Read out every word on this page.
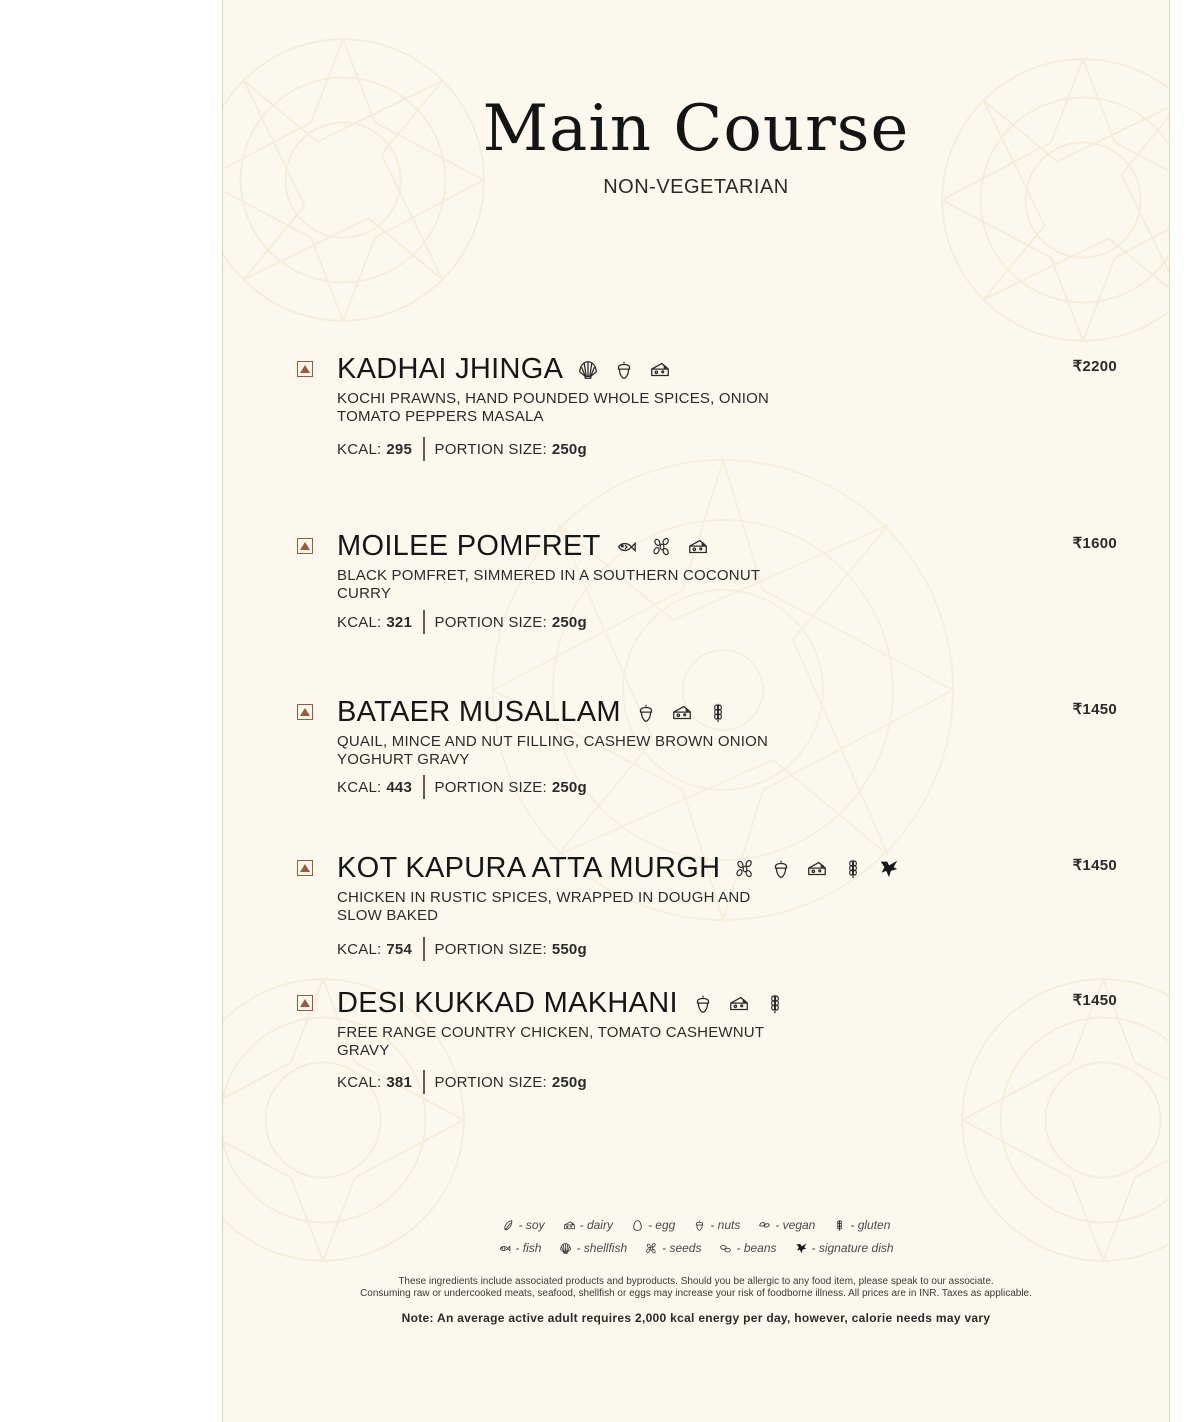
Main Course
NON-VEGETARIAN
KADHAI JHINGA
KOCHI PRAWNS, HAND POUNDED WHOLE SPICES, ONION TOMATO PEPPERS MASALA
KCAL: 295 PORTION SIZE: 250g
₹2200
MOILEE POMFRET
BLACK POMFRET, SIMMERED IN A SOUTHERN COCONUT CURRY
KCAL: 321 PORTION SIZE: 250g
₹1600
BATAER MUSALLAM
QUAIL, MINCE AND NUT FILLING, CASHEW BROWN ONION YOGHURT GRAVY
KCAL: 443 PORTION SIZE: 250g
₹1450
KOT KAPURA ATTA MURGH
CHICKEN IN RUSTIC SPICES, WRAPPED IN DOUGH AND SLOW BAKED
KCAL: 754 PORTION SIZE: 550g
₹1450
DESI KUKKAD MAKHANI
FREE RANGE COUNTRY CHICKEN, TOMATO CASHEWNUT GRAVY
KCAL: 381 PORTION SIZE: 250g
₹1450
- soy	- dairy	- egg	- nuts	- vegan	- gluten
- fish	- shellfish	- seeds	- beans	- signature dish
These ingredients include associated products and byproducts. Should you be allergic to any food item, please speak to our associate.
Consuming raw or undercooked meats, seafood, shellfish or eggs may increase your risk of foodborne illness. All prices are in INR. Taxes as applicable.
Note: An average active adult requires 2,000 kcal energy per day, however, calorie needs may vary
